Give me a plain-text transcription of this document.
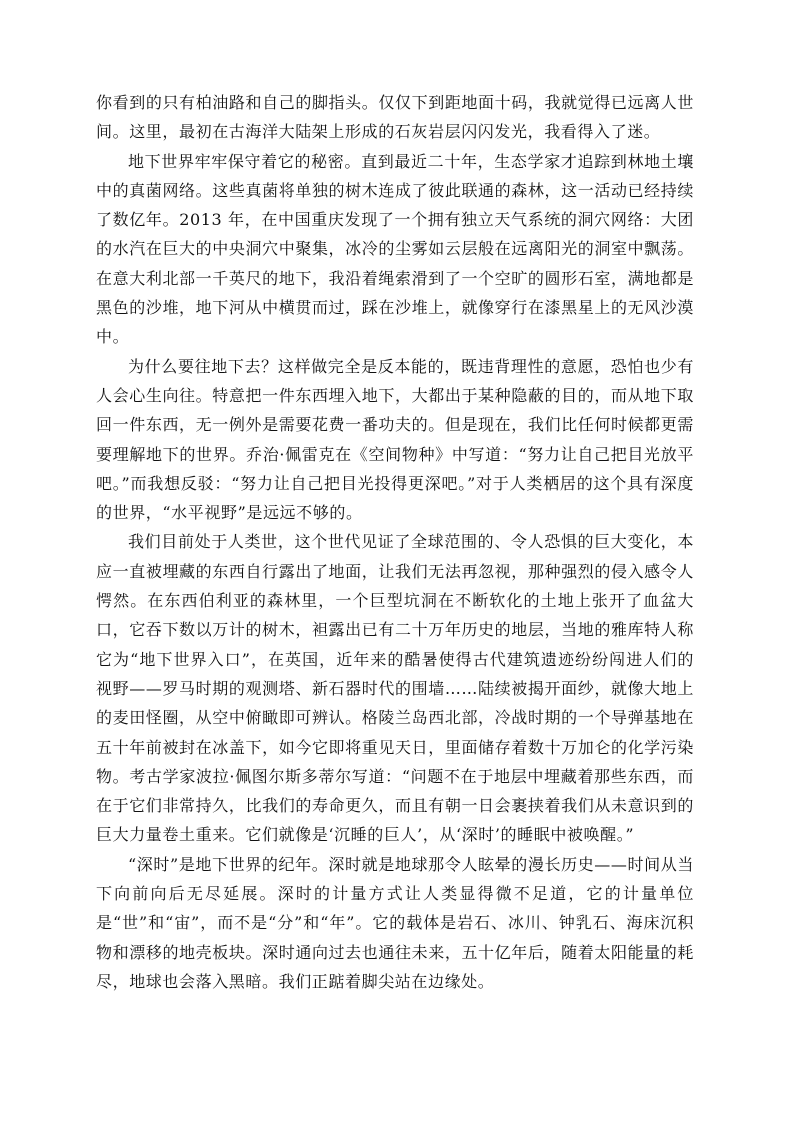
你看到的只有柏油路和自己的脚指头。仅仅下到距地面十码，我就觉得已远离人世间。这里，最初在古海洋大陆架上形成的石灰岩层闪闪发光，我看得入了迷。

地下世界牢牢保守着它的秘密。直到最近二十年，生态学家才追踪到林地土壤中的真菌网络。这些真菌将单独的树木连成了彼此联通的森林，这一活动已经持续了数亿年。2013 年，在中国重庆发现了一个拥有独立天气系统的洞穴网络：大团的水汽在巨大的中央洞穴中聚集，冰冷的尘雾如云层般在远离阳光的洞室中飘荡。在意大利北部一千英尺的地下，我沿着绳索滑到了一个空旷的圆形石室，满地都是黑色的沙堆，地下河从中横贯而过，踩在沙堆上，就像穿行在漆黑星上的无风沙漠中。

为什么要往地下去？这样做完全是反本能的，既违背理性的意愿，恐怕也少有人会心生向往。特意把一件东西埋入地下，大都出于某种隐蔽的目的，而从地下取回一件东西，无一例外是需要花费一番功夫的。但是现在，我们比任何时候都更需要理解地下的世界。乔治·佩雷克在《空间物种》中写道：“努力让自己把目光放平吧。”而我想反驳：“努力让自己把目光投得更深吧。”对于人类栖居的这个具有深度的世界，“水平视野”是远远不够的。

我们目前处于人类世，这个世代见证了全球范围的、令人恐惧的巨大变化，本应一直被埋藏的东西自行露出了地面，让我们无法再忽视，那种强烈的侵入感令人愕然。在东西伯利亚的森林里，一个巨型坑洞在不断软化的土地上张开了血盆大口，它吞下数以万计的树木，袒露出已有二十万年历史的地层，当地的雅库特人称它为“地下世界入口”，在英国，近年来的酷暑使得古代建筑遗迹纷纷闯进人们的视野——罗马时期的观测塔、新石器时代的围墙……陆续被揭开面纱，就像大地上的麦田怪圈，从空中俯瞰即可辨认。格陵兰岛西北部，冷战时期的一个导弹基地在五十年前被封在冰盖下，如今它即将重见天日，里面储存着数十万加仑的化学污染物。考古学家波拉·佩图尔斯多蒂尔写道：“问题不在于地层中埋藏着那些东西，而在于它们非常持久，比我们的寿命更久，而且有朝一日会裹挟着我们从未意识到的巨大力量卷土重来。它们就像是‘沉睡的巨人’，从‘深时’的睡眠中被唤醒。”

“深时”是地下世界的纪年。深时就是地球那令人眩晕的漫长历史——时间从当下向前向后无尽延展。深时的计量方式让人类显得微不足道，它的计量单位是“世”和“宙”，而不是“分”和“年”。它的载体是岩石、冰川、钟乳石、海床沉积物和漂移的地壳板块。深时通向过去也通往未来，五十亿年后，随着太阳能量的耗尽，地球也会落入黑暗。我们正踮着脚尖站在边缘处。
